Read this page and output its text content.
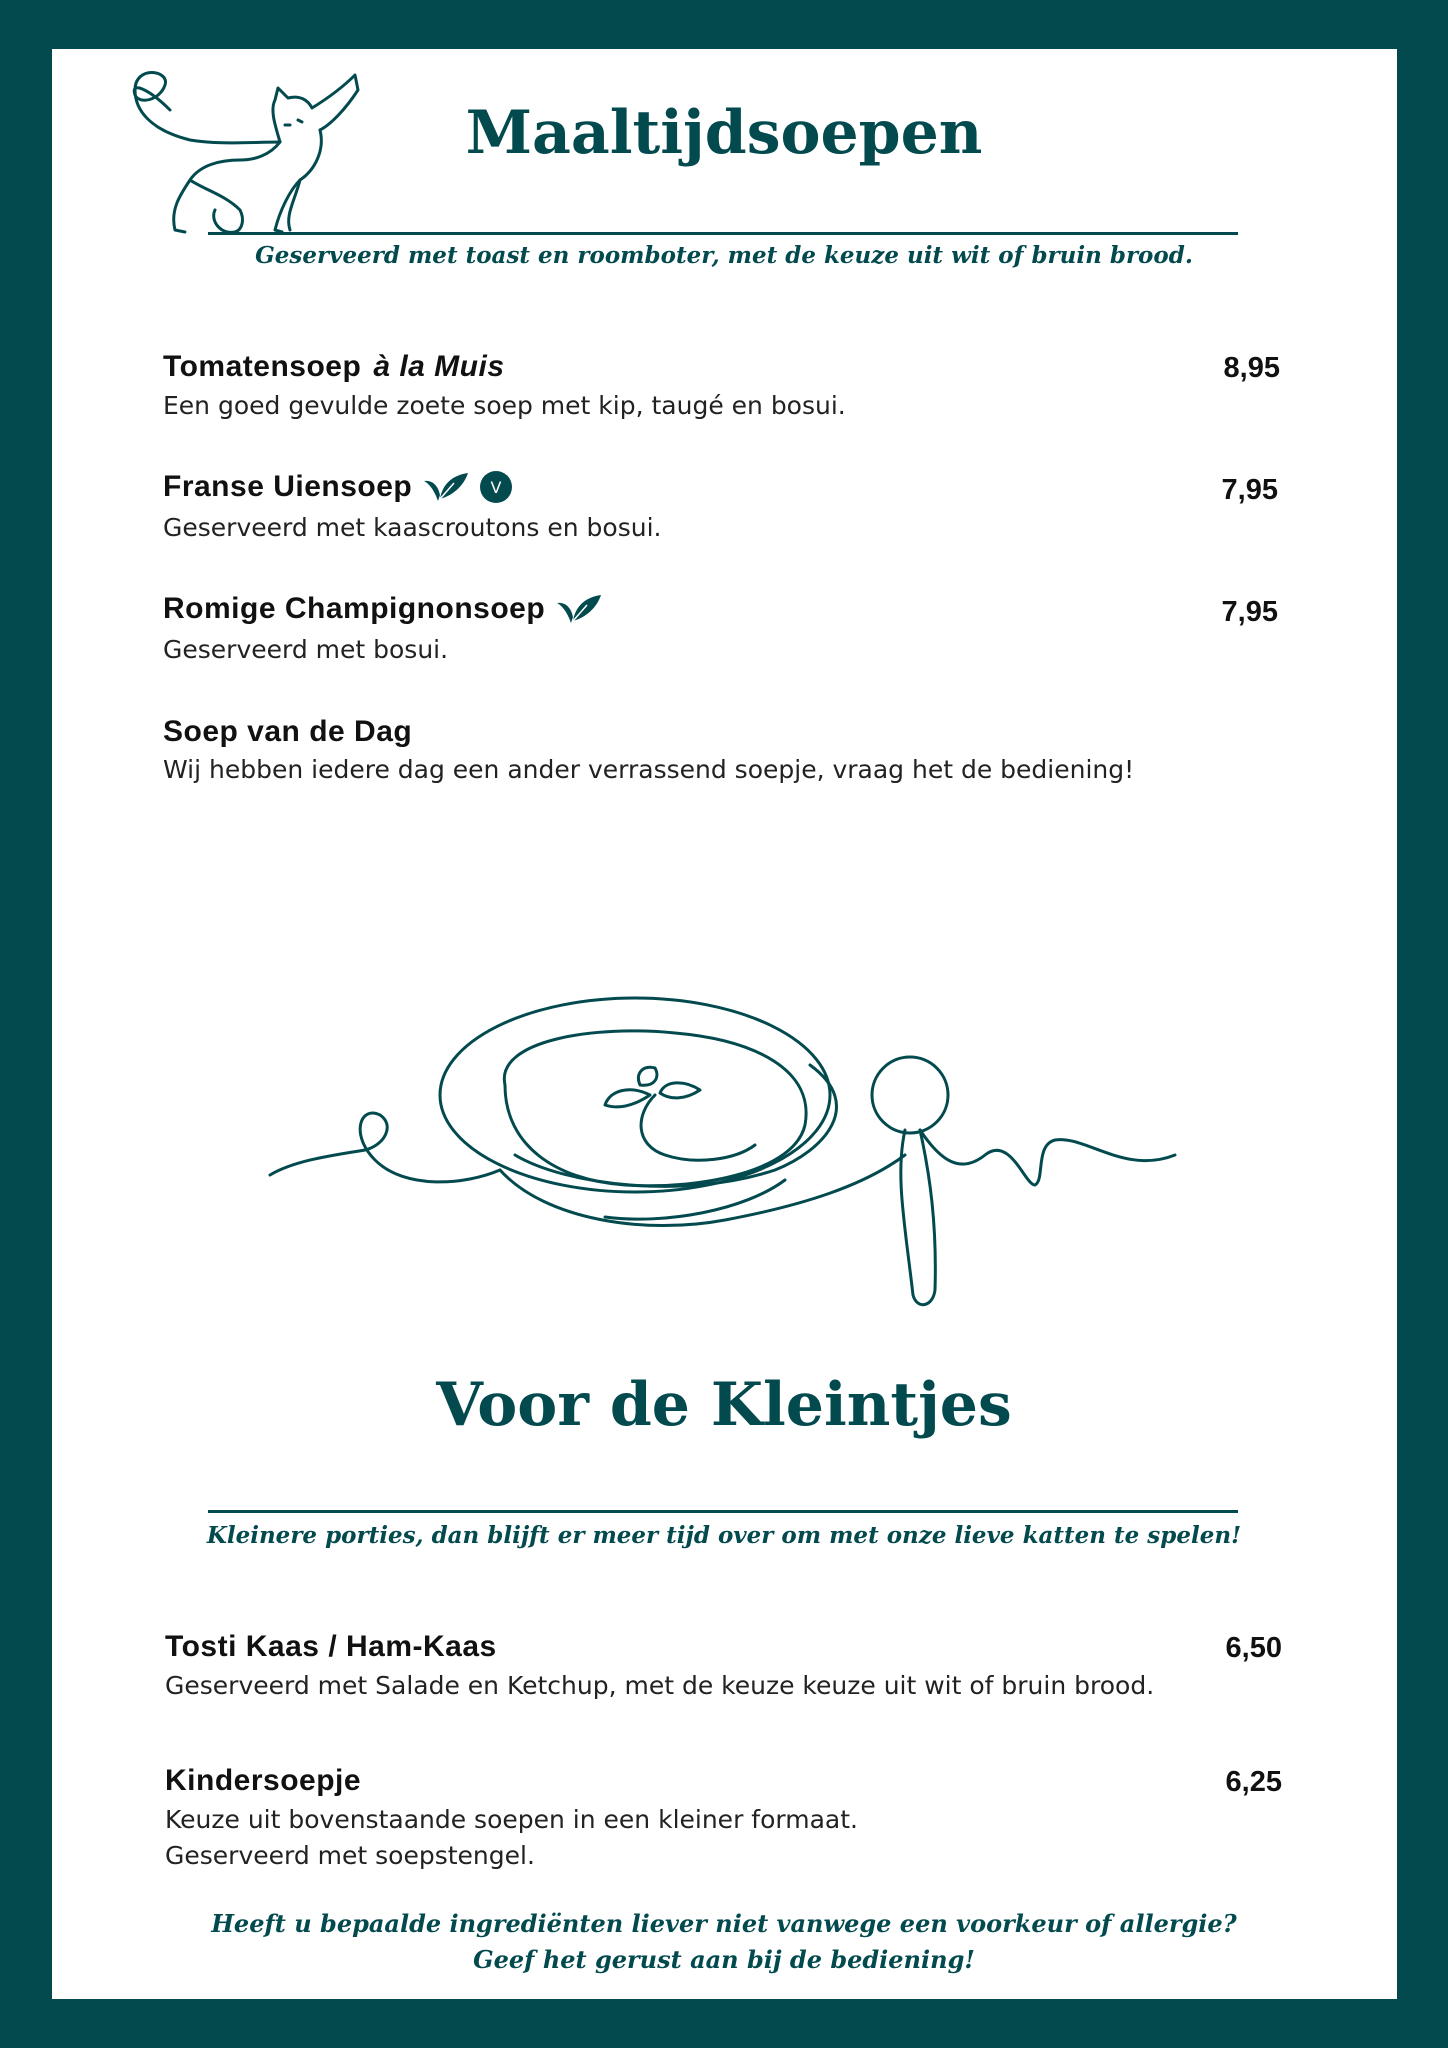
Maaltijdsoepen
Geserveerd met toast en roomboter, met de keuze uit wit of bruin brood.
Tomatensoep à la Muis	8,95
Een goed gevulde zoete soep met kip, taugé en bosui.
Franse Uiensoep	V	7,95
Geserveerd met kaascroutons en bosui.
Romige Champignonsoep	7,95
Geserveerd met bosui.
Soep van de Dag
Wij hebben iedere dag een ander verrassend soepje, vraag het de bediening!
Voor de Kleintjes
Kleinere porties, dan blijft er meer tijd over om met onze lieve katten te spelen!
Tosti Kaas / Ham-Kaas	6,50
Geserveerd met Salade en Ketchup, met de keuze keuze uit wit of bruin brood.
Kindersoepje	6,25
Keuze uit bovenstaande soepen in een kleiner formaat.
Geserveerd met soepstengel.
Heeft u bepaalde ingrediënten liever niet vanwege een voorkeur of allergie?
Geef het gerust aan bij de bediening!
